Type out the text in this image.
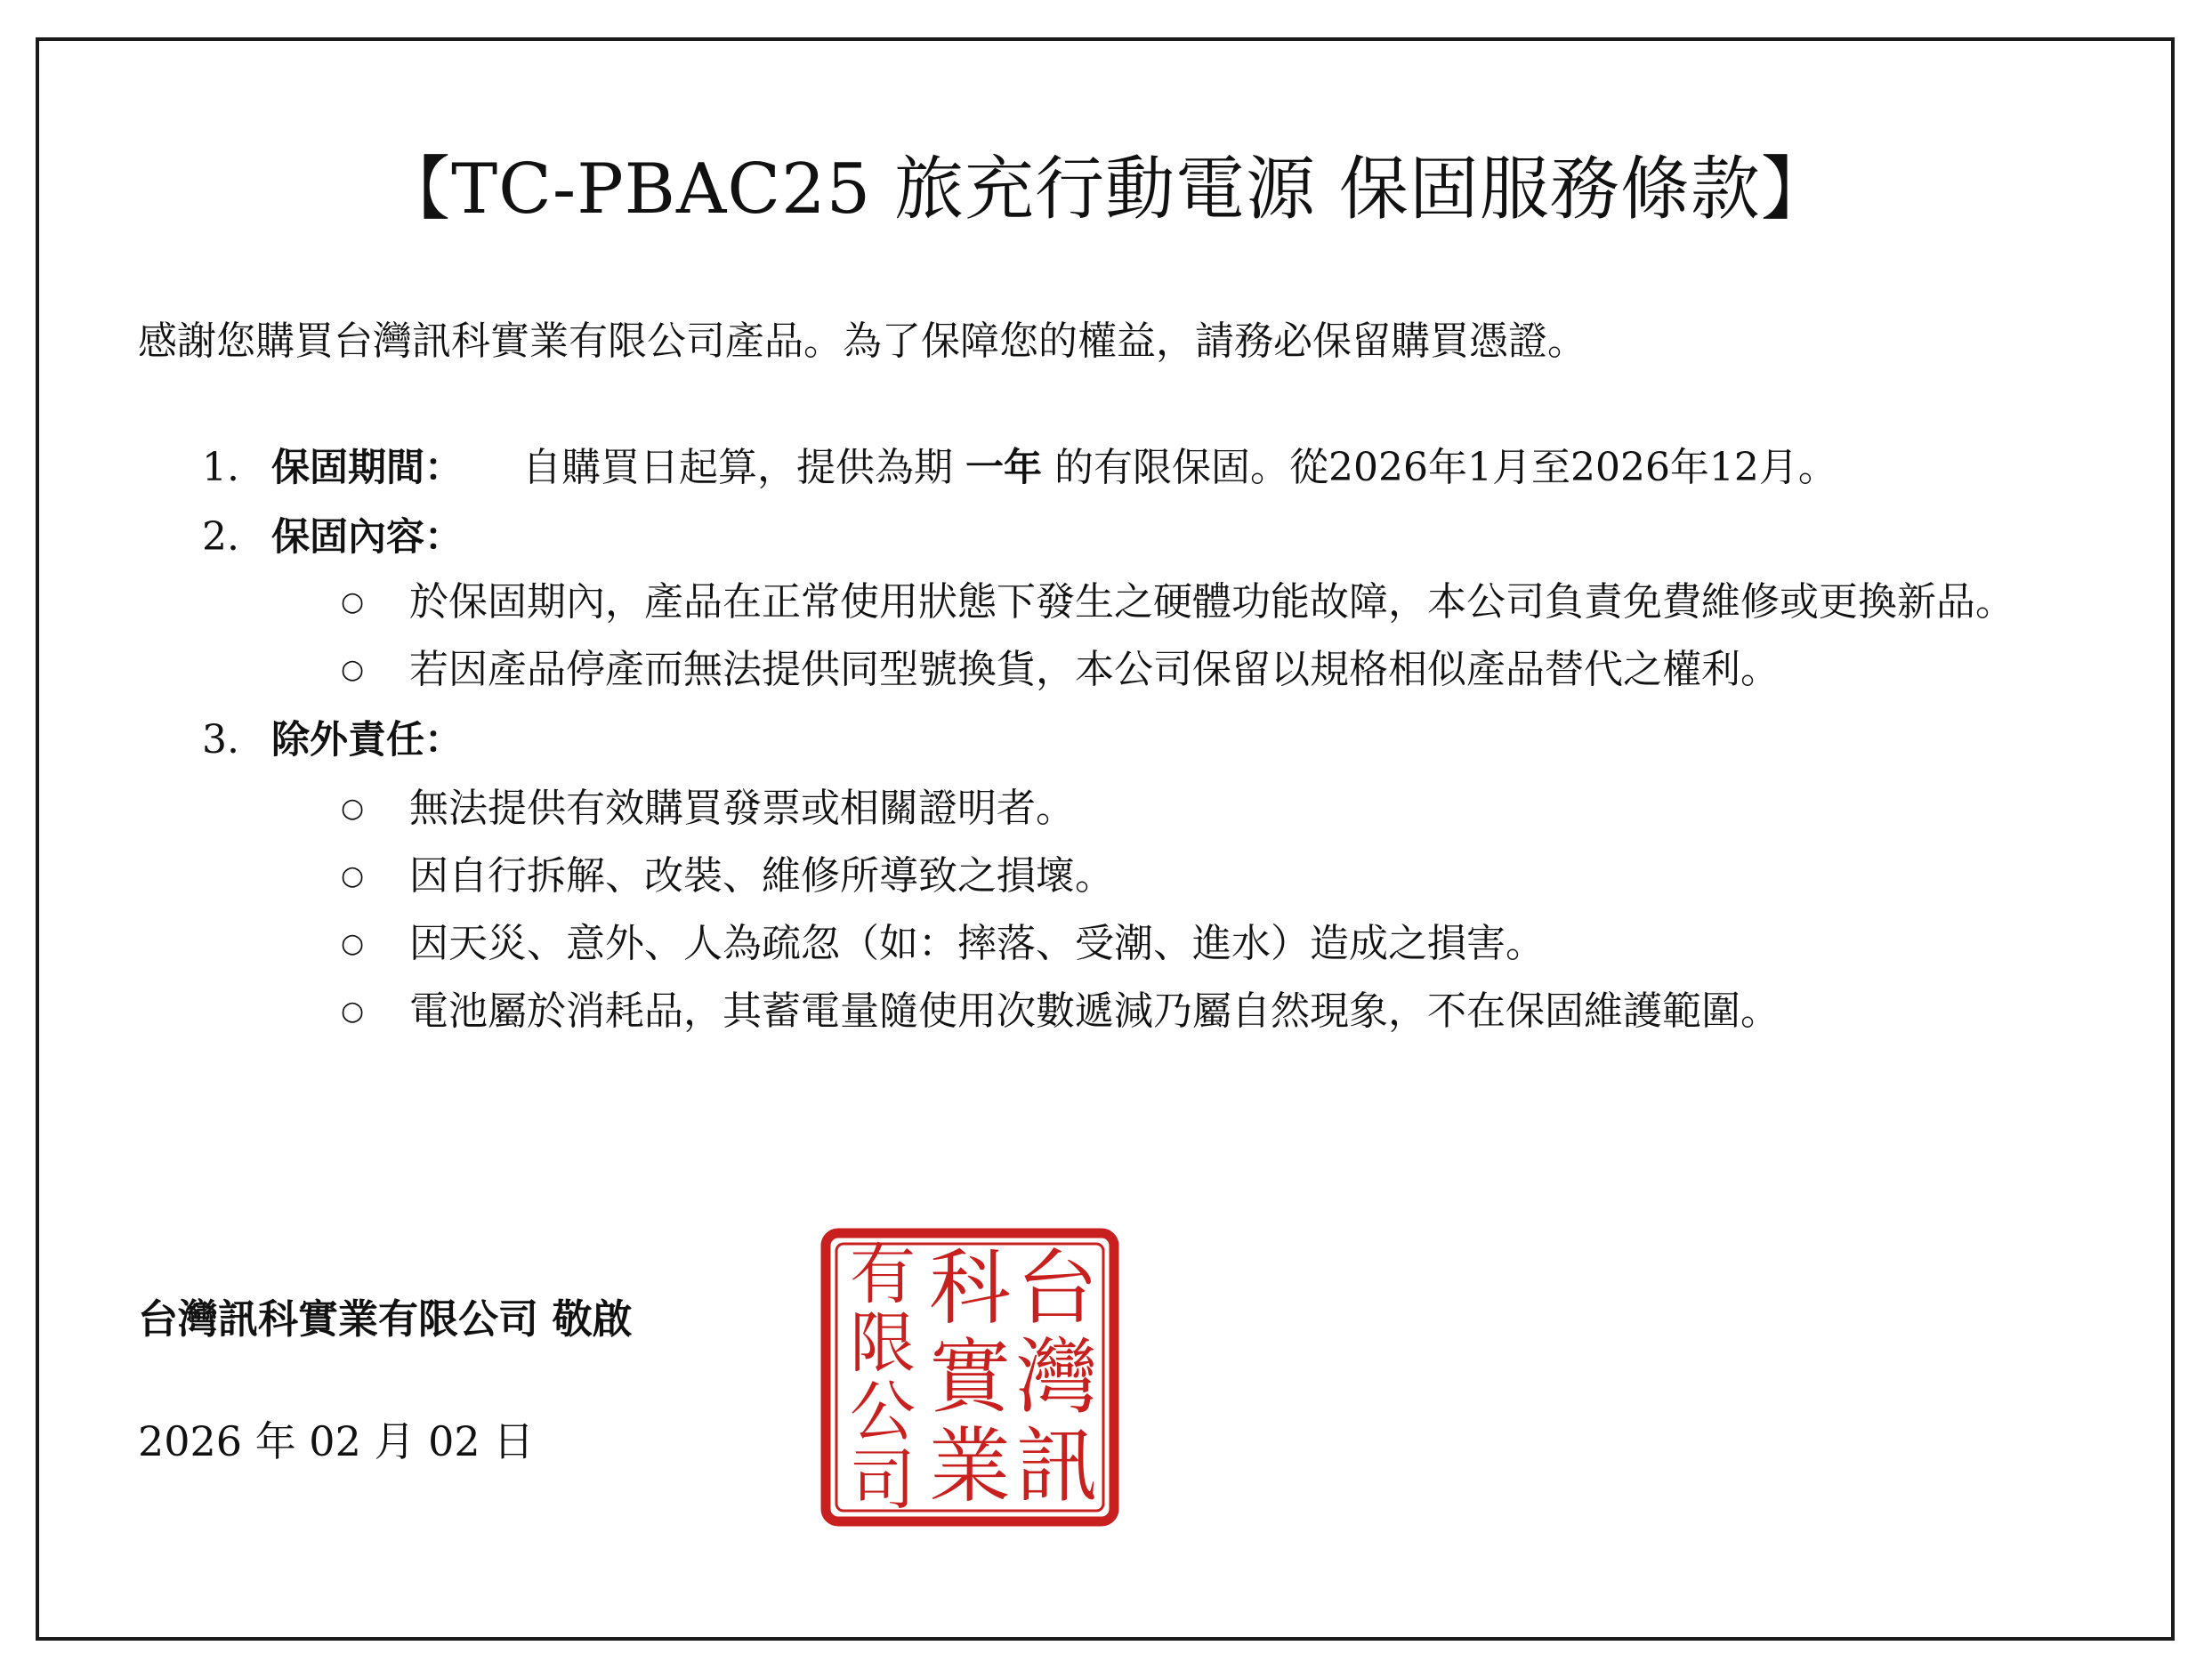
【TC-PBAC25 旅充行動電源 保固服務條款】
感謝您購買台灣訊科實業有限公司產品。為了保障您的權益，請務必保留購買憑證。
1. 保固期間： 自購買日起算，提供為期 一年 的有限保固。從2026年1月至2026年12月。
2. 保固內容：
○ 於保固期內，產品在正常使用狀態下發生之硬體功能故障，本公司負責免費維修或更換新品。
○ 若因產品停產而無法提供同型號換貨，本公司保留以規格相似產品替代之權利。
3. 除外責任：
○ 無法提供有效購買發票或相關證明者。
○ 因自行拆解、改裝、維修所導致之損壞。
○ 因天災、意外、人為疏忽（如：摔落、受潮、進水）造成之損害。
○ 電池屬於消耗品，其蓄電量隨使用次數遞減乃屬自然現象，不在保固維護範圍。
台灣訊科實業有限公司 敬啟
2026 年 02 月 02 日
台
灣
訊
科
實
業
有
限
公
司
